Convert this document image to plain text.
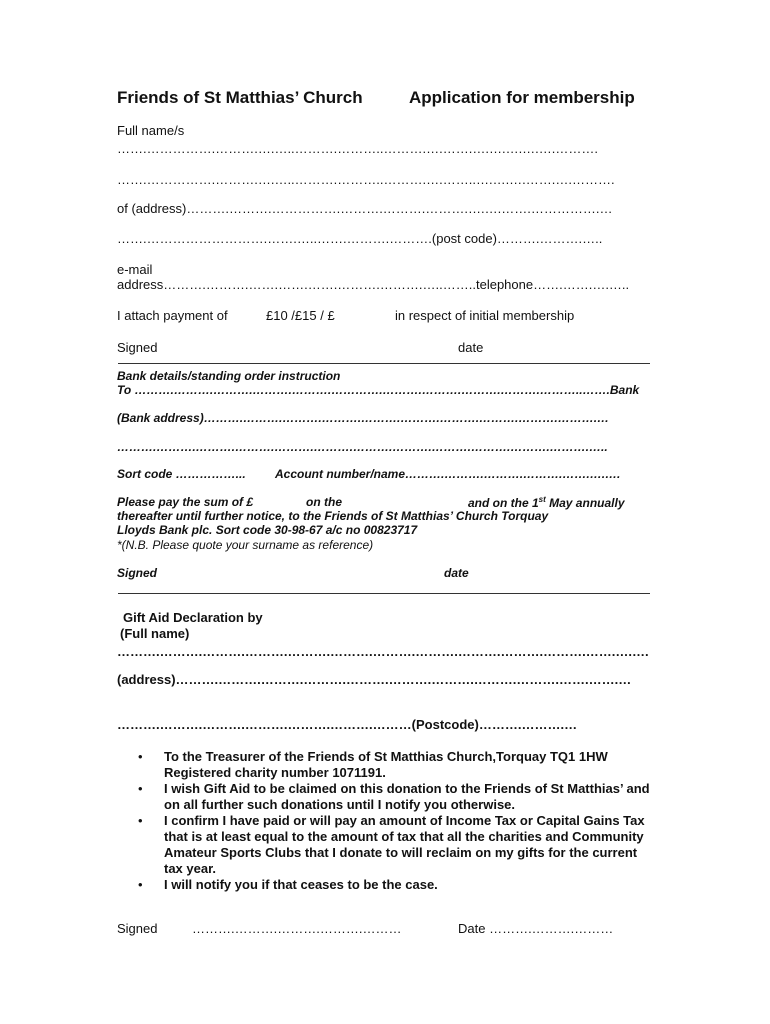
Friends of St Matthias’ Church	Application for membership
Full name/s
…….…………….……….….…..……….………..……….….…….….….….….….……….
…….…………….……….….…..……….………..……….….……..….….….…….….……….
of (address)……….……….…………….……….……….……….….….…….…………….…
…….……………………….…….…..…….……….……….(post code)……….……….…..
e-mail
address……….……….…….…….…….……….……….…..……..telephone…….…….….…..
I attach payment of	£10 /£15 / £	in respect of initial membership
Signed	date
Bank details/standing order instruction
To ……….……….……….……….……….………….……….……….……….……….………..…….Bank
(Bank address)……….……….……….……….……….……….……….……….……….……….…
……….……….……….……….……….……….……….……….……….……….……….……….…..
Sort code ……………... Account number/name……….……….……….……….…….….….
Please pay the sum of £	on the	and on the 1st May annually
thereafter until further notice, to the Friends of St Matthias’ Church Torquay
Lloyds Bank plc. Sort code 30-98-67 a/c no 00823717
*(N.B. Please quote your surname as reference)
Signed	date
Gift Aid Declaration by
(Full name)
……….……….……….……….……….……….……….……….……….……….……….…….….….
(address)……….……….……….……….……….……….……….……….……….…….…….…
……….……….……….……….……….……….………(Postcode)……….……….…
• To the Treasurer of the Friends of St Matthias Church,Torquay TQ1 1HW Registered charity number 1071191.
• I wish Gift Aid to be claimed on this donation to the Friends of St Matthias’ and on all further such donations until I notify you otherwise.
• I confirm I have paid or will pay an amount of Income Tax or Capital Gains Tax that is at least equal to the amount of tax that all the charities and Community Amateur Sports Clubs that I donate to will reclaim on my gifts for the current tax year.
• I will notify you if that ceases to be the case.
Signed	……….……….……….……….………	Date ……….……….………
